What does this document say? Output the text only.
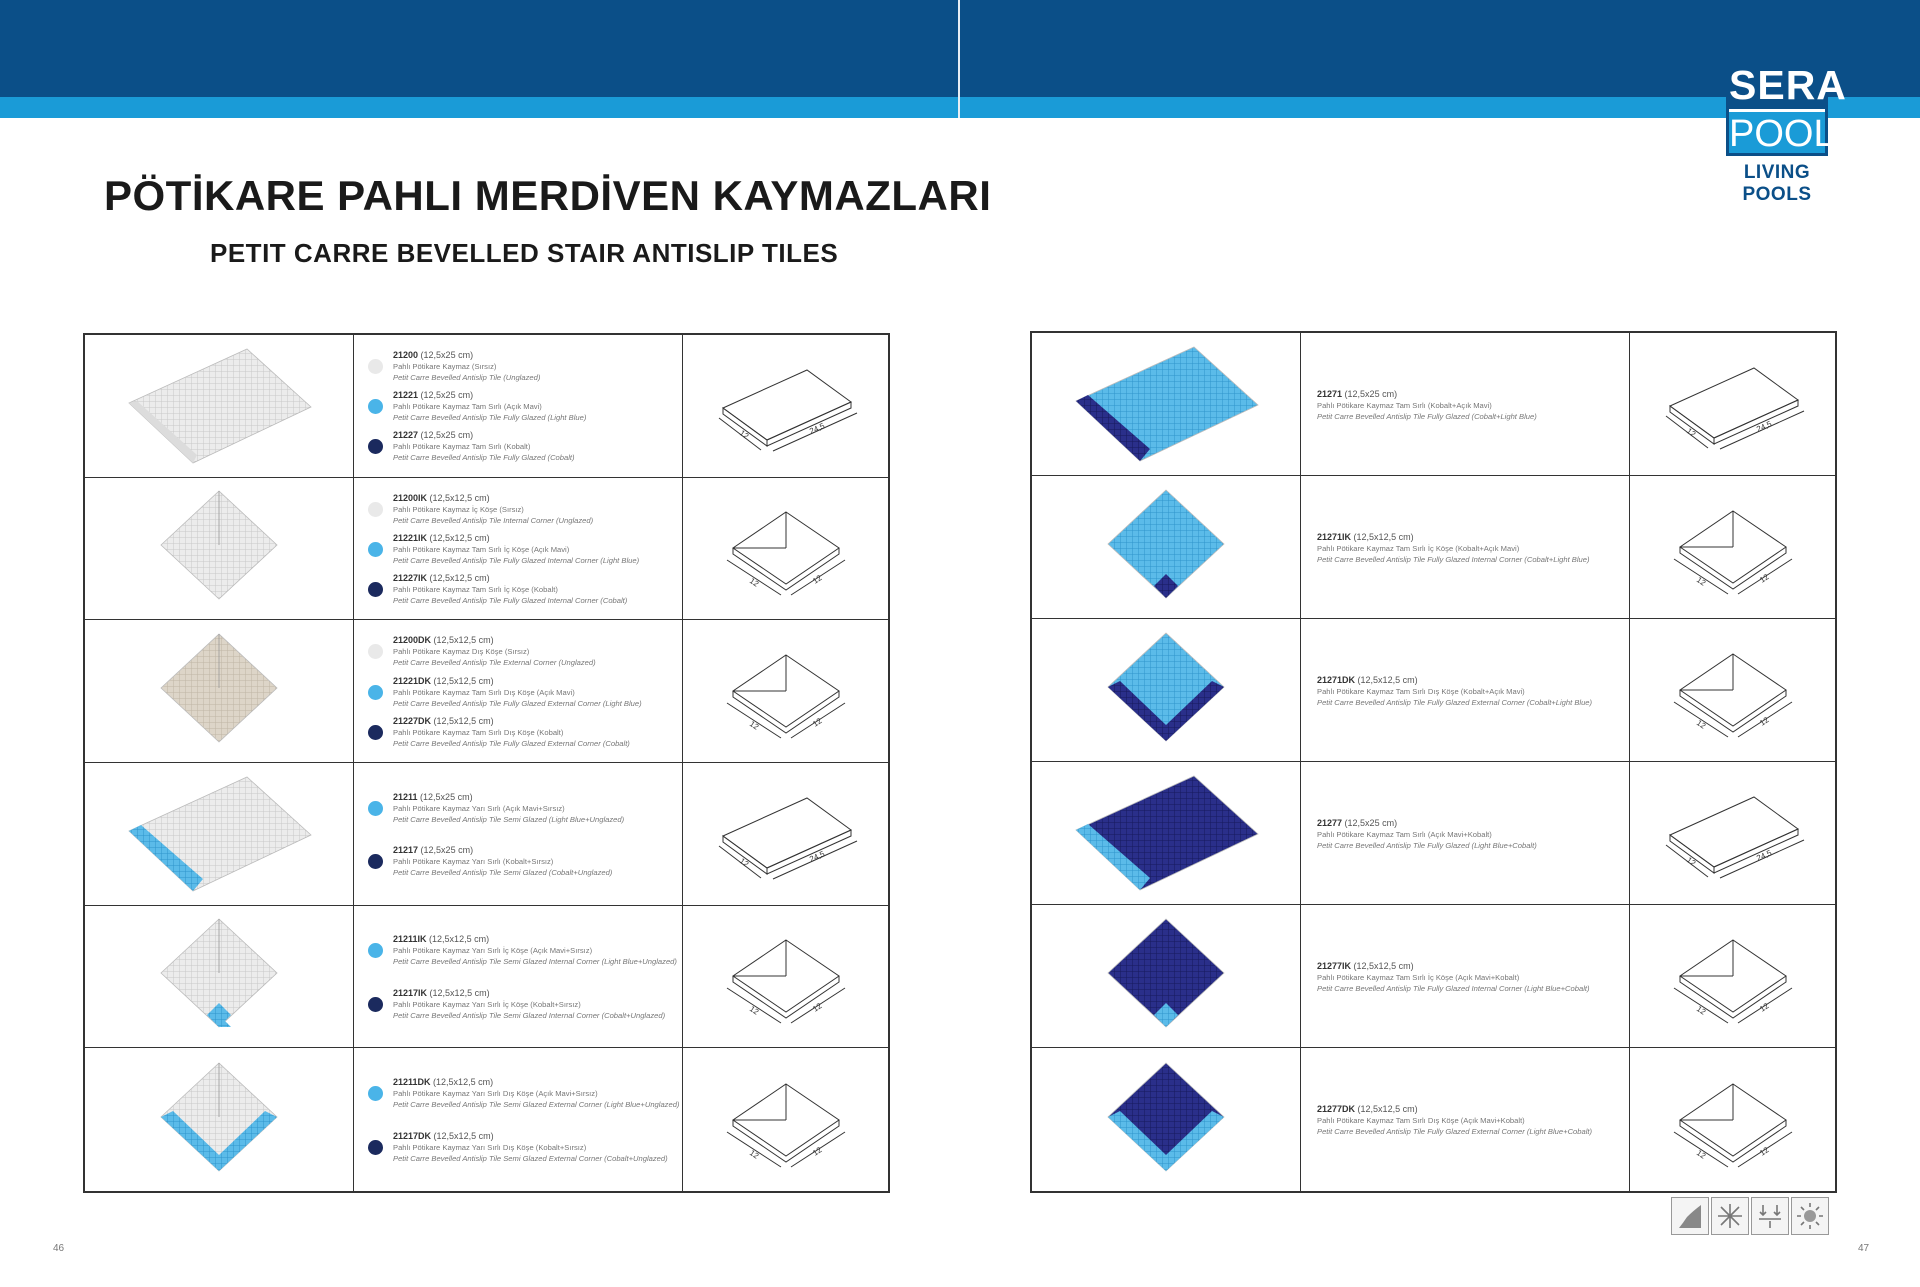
SERA
POOL
LIVING POOLS
PÖTİKARE PAHLI MERDİVEN KAYMAZLARI
PETIT CARRE BEVELLED STAIR ANTISLIP TILES
21200 (12,5x25 cm)
Pahlı Pötikare Kaymaz (Sırsız)
Petit Carre Bevelled Antislip Tile (Unglazed)
21221 (12,5x25 cm)
Pahlı Pötikare Kaymaz Tam Sırlı (Açık Mavi)
Petit Carre Bevelled Antislip Tile Fully Glazed (Light Blue)
21227 (12,5x25 cm)
Pahlı Pötikare Kaymaz Tam Sırlı (Kobalt)
Petit Carre Bevelled Antislip Tile Fully Glazed (Cobalt)
12	24,5
21200IK (12,5x12,5 cm)
Pahlı Pötikare Kaymaz İç Köşe (Sırsız)
Petit Carre Bevelled Antislip Tile Internal Corner (Unglazed)
21221IK (12,5x12,5 cm)
Pahlı Pötikare Kaymaz Tam Sırlı İç Köşe (Açık Mavi)
Petit Carre Bevelled Antislip Tile Fully Glazed Internal Corner (Light Blue)
21227IK (12,5x12,5 cm)
Pahlı Pötikare Kaymaz Tam Sırlı İç Köşe (Kobalt)
Petit Carre Bevelled Antislip Tile Fully Glazed Internal Corner (Cobalt)
12	12
21200DK (12,5x12,5 cm)
Pahlı Pötikare Kaymaz Dış Köşe (Sırsız)
Petit Carre Bevelled Antislip Tile External Corner (Unglazed)
21221DK (12,5x12,5 cm)
Pahlı Pötikare Kaymaz Tam Sırlı Dış Köşe (Açık Mavi)
Petit Carre Bevelled Antislip Tile Fully Glazed External Corner (Light Blue)
21227DK (12,5x12,5 cm)
Pahlı Pötikare Kaymaz Tam Sırlı Dış Köşe (Kobalt)
Petit Carre Bevelled Antislip Tile Fully Glazed External Corner (Cobalt)
12	12
21211 (12,5x25 cm)
Pahlı Pötikare Kaymaz Yarı Sırlı (Açık Mavi+Sırsız)
Petit Carre Bevelled Antislip Tile Semi Glazed (Light Blue+Unglazed)
21217 (12,5x25 cm)
Pahlı Pötikare Kaymaz Yarı Sırlı (Kobalt+Sırsız)
Petit Carre Bevelled Antislip Tile Semi Glazed (Cobalt+Unglazed)
12	24,5
21211IK (12,5x12,5 cm)
Pahlı Pötikare Kaymaz Yarı Sırlı İç Köşe (Açık Mavi+Sırsız)
Petit Carre Bevelled Antislip Tile Semi Glazed Internal Corner (Light Blue+Unglazed)
21217IK (12,5x12,5 cm)
Pahlı Pötikare Kaymaz Yarı Sırlı İç Köşe (Kobalt+Sırsız)
Petit Carre Bevelled Antislip Tile Semi Glazed Internal Corner (Cobalt+Unglazed)	12	12
21211DK (12,5x12,5 cm)
Pahlı Pötikare Kaymaz Yarı Sırlı Dış Köşe (Açık Mavi+Sırsız)
Petit Carre Bevelled Antislip Tile Semi Glazed External Corner (Light Blue+Unglazed)
21217DK (12,5x12,5 cm)
Pahlı Pötikare Kaymaz Yarı Sırlı Dış Köşe (Kobalt+Sırsız)
Petit Carre Bevelled Antislip Tile Semi Glazed External Corner (Cobalt+Unglazed)	12	12
21271 (12,5x25 cm)
Pahlı Pötikare Kaymaz Tam Sırlı (Kobalt+Açık Mavi)
Petit Carre Bevelled Antislip Tile Fully Glazed (Cobalt+Light Blue)
12	24,5
21271IK (12,5x12,5 cm)
Pahlı Pötikare Kaymaz Tam Sırlı İç Köşe (Kobalt+Açık Mavi)
Petit Carre Bevelled Antislip Tile Fully Glazed Internal Corner (Cobalt+Light Blue)
12	12
21271DK (12,5x12,5 cm)
Pahlı Pötikare Kaymaz Tam Sırlı Dış Köşe (Kobalt+Açık Mavi)
Petit Carre Bevelled Antislip Tile Fully Glazed External Corner (Cobalt+Light Blue)
12	12
21277 (12,5x25 cm)
Pahlı Pötikare Kaymaz Tam Sırlı (Açık Mavi+Kobalt)
Petit Carre Bevelled Antislip Tile Fully Glazed (Light Blue+Cobalt)
12	24,5
21277IK (12,5x12,5 cm)
Pahlı Pötikare Kaymaz Tam Sırlı İç Köşe (Açık Mavi+Kobalt)
Petit Carre Bevelled Antislip Tile Fully Glazed Internal Corner (Light Blue+Cobalt)
12	12
21277DK (12,5x12,5 cm)
Pahlı Pötikare Kaymaz Tam Sırlı Dış Köşe (Açık Mavi+Kobalt)
Petit Carre Bevelled Antislip Tile Fully Glazed External Corner (Light Blue+Cobalt)
12	12
46	47
